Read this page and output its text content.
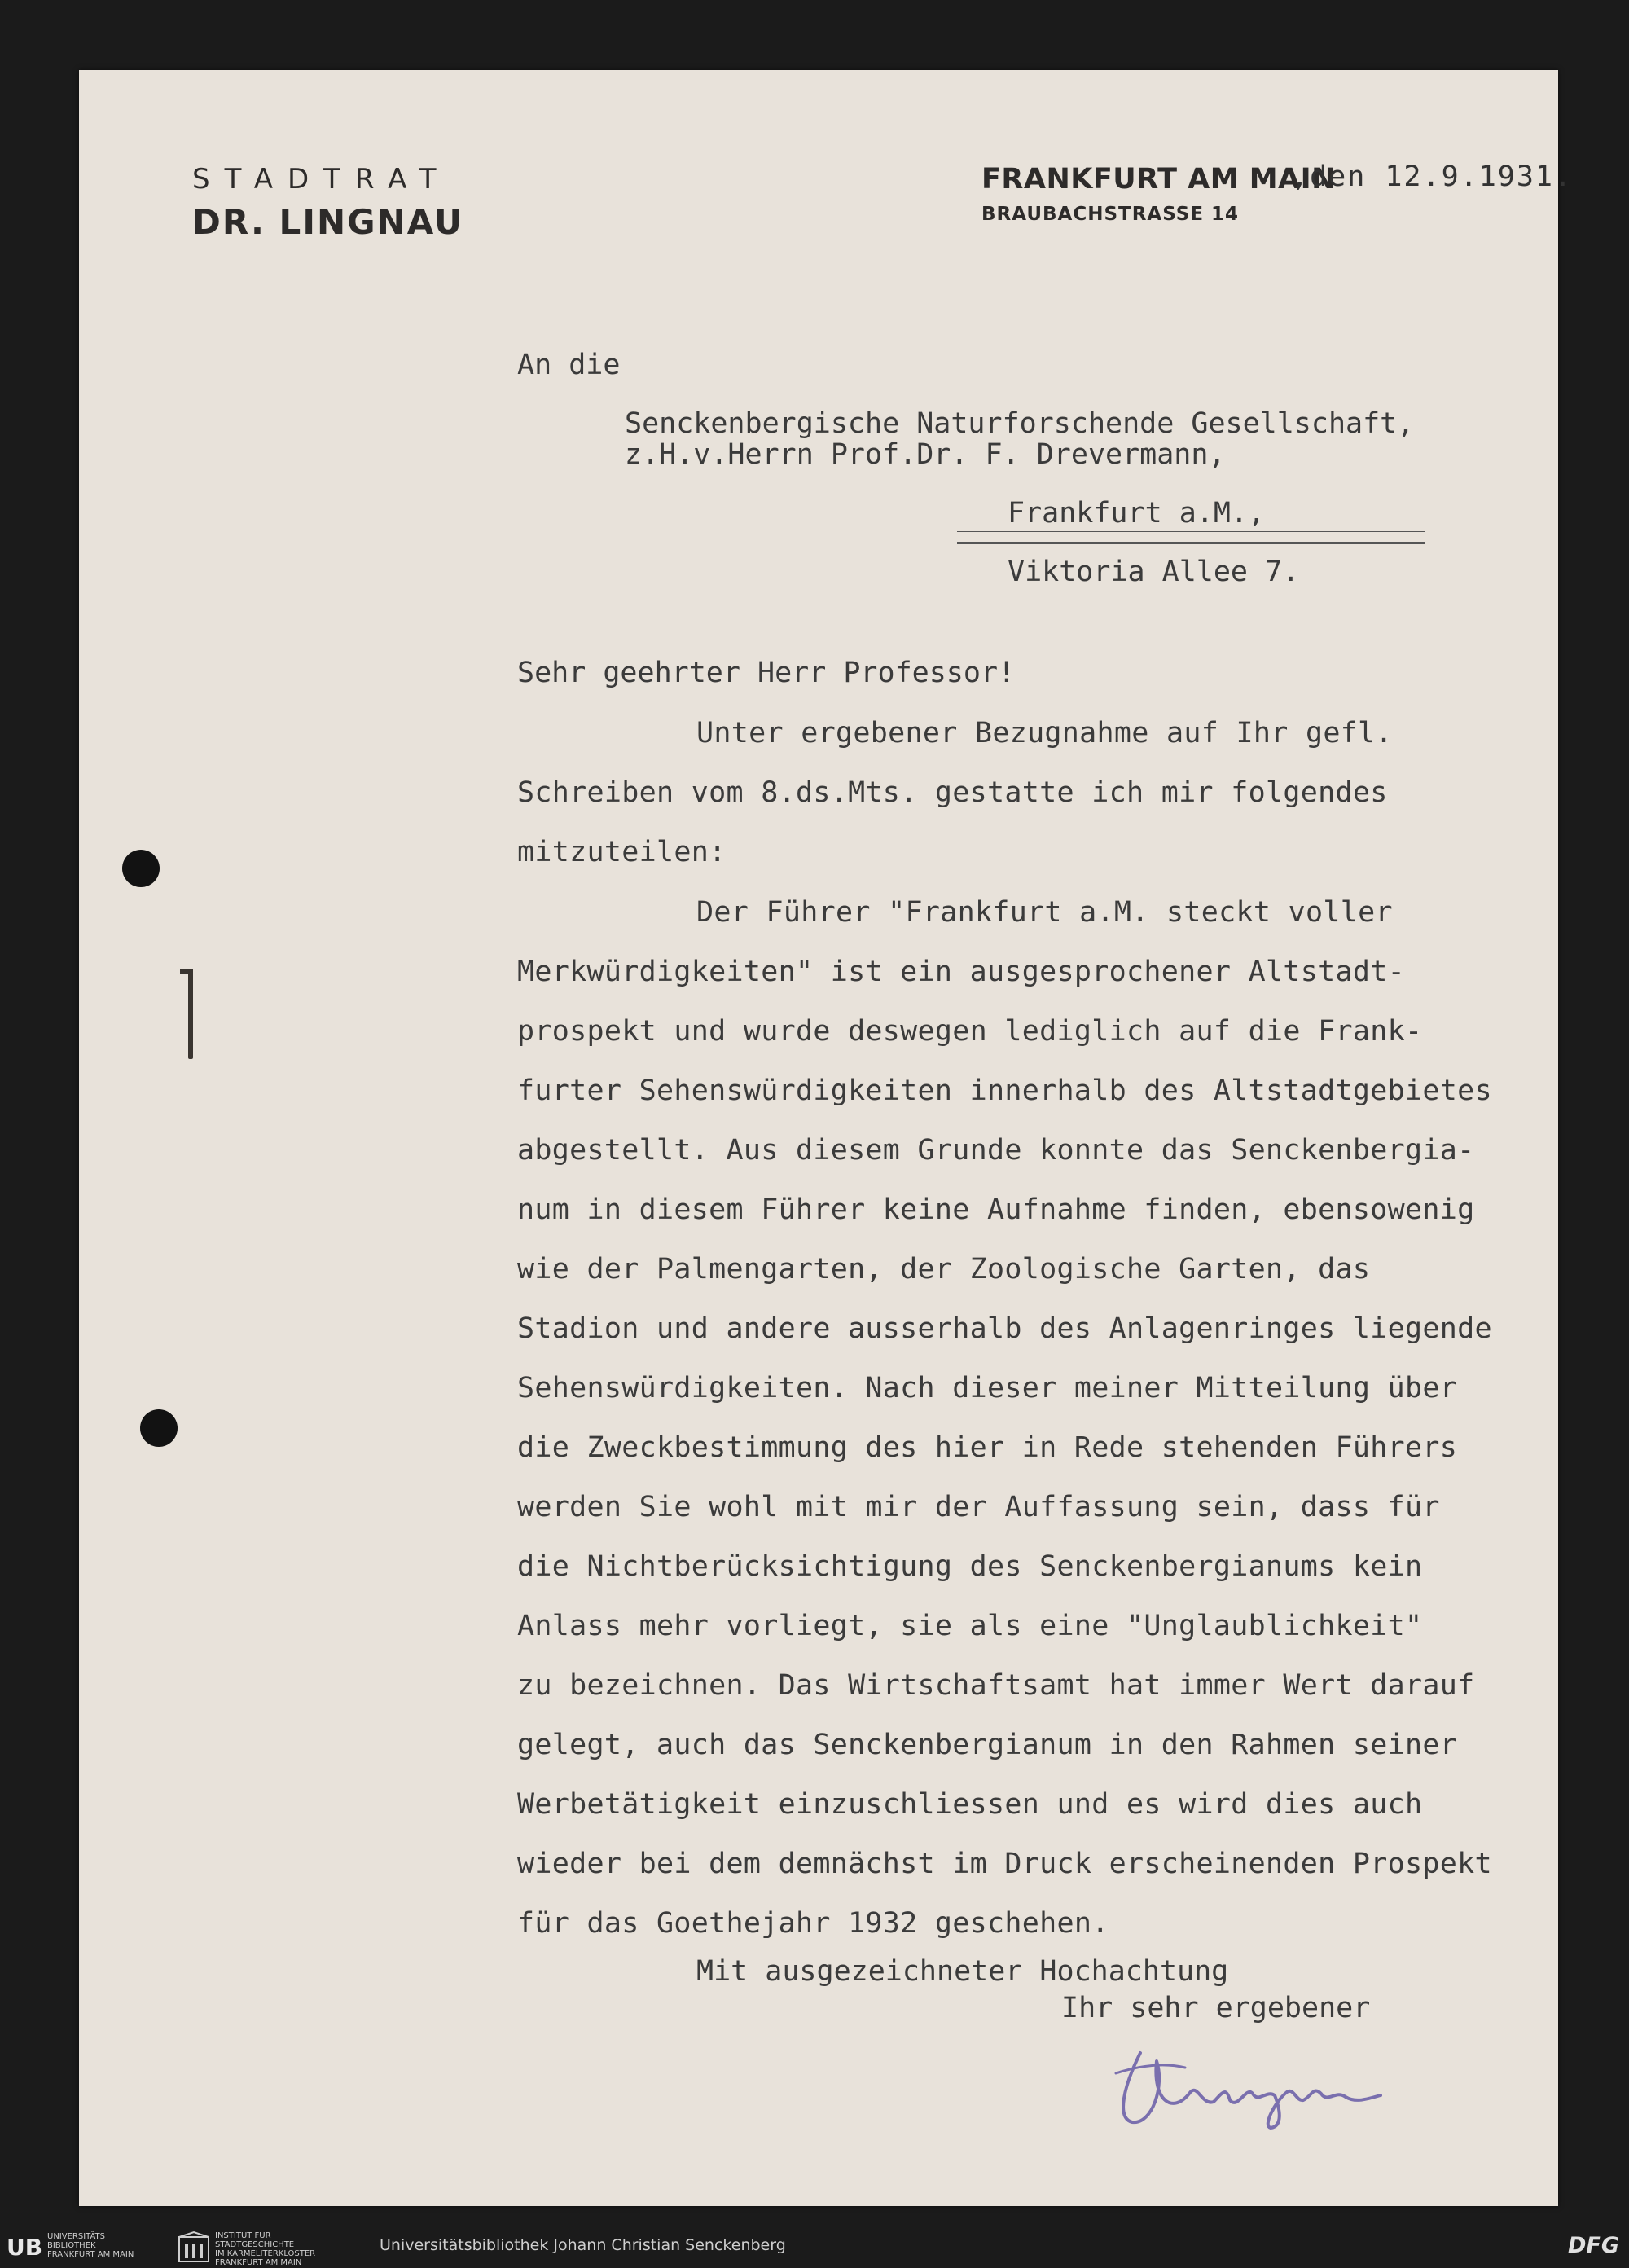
STADTRAT
DR. LINGNAU
FRANKFURT AM MAIN
,den 12.9.1931.
BRAUBACHSTRASSE 14
An die
Senckenbergische Naturforschende Gesellschaft,
z.H.v.Herrn Prof.Dr. F. Drevermann,
Frankfurt a.M.,
Viktoria Allee 7.
Sehr geehrter Herr Professor!
Unter ergebener Bezugnahme auf Ihr gefl.
Schreiben vom 8.ds.Mts. gestatte ich mir folgendes
mitzuteilen:
Der Führer "Frankfurt a.M. steckt voller
Merkwürdigkeiten" ist ein ausgesprochener Altstadt-
prospekt und wurde deswegen lediglich auf die Frank-
furter Sehenswürdigkeiten innerhalb des Altstadtgebietes
abgestellt. Aus diesem Grunde konnte das Senckenbergia-
num in diesem Führer keine Aufnahme finden, ebensowenig
wie der Palmengarten, der Zoologische Garten, das
Stadion und andere ausserhalb des Anlagenringes liegende
Sehenswürdigkeiten. Nach dieser meiner Mitteilung über
die Zweckbestimmung des hier in Rede stehenden Führers
werden Sie wohl mit mir der Auffassung sein, dass für
die Nichtberücksichtigung des Senckenbergianums kein
Anlass mehr vorliegt, sie als eine "Unglaublichkeit"
zu bezeichnen. Das Wirtschaftsamt hat immer Wert darauf
gelegt, auch das Senckenbergianum in den Rahmen seiner
Werbetätigkeit einzuschliessen und es wird dies auch
wieder bei dem demnächst im Druck erscheinenden Prospekt
für das Goethejahr 1932 geschehen.
Mit ausgezeichneter Hochachtung
Ihr sehr ergebener
UB UNIVERSITÄTS
BIBLIOTHEK
FRANKFURT AM MAIN
INSTITUT FÜR
STADTGESCHICHTE
IM KARMELITERKLOSTER
FRANKFURT AM MAIN
Universitätsbibliothek Johann Christian Senckenberg	DFG
